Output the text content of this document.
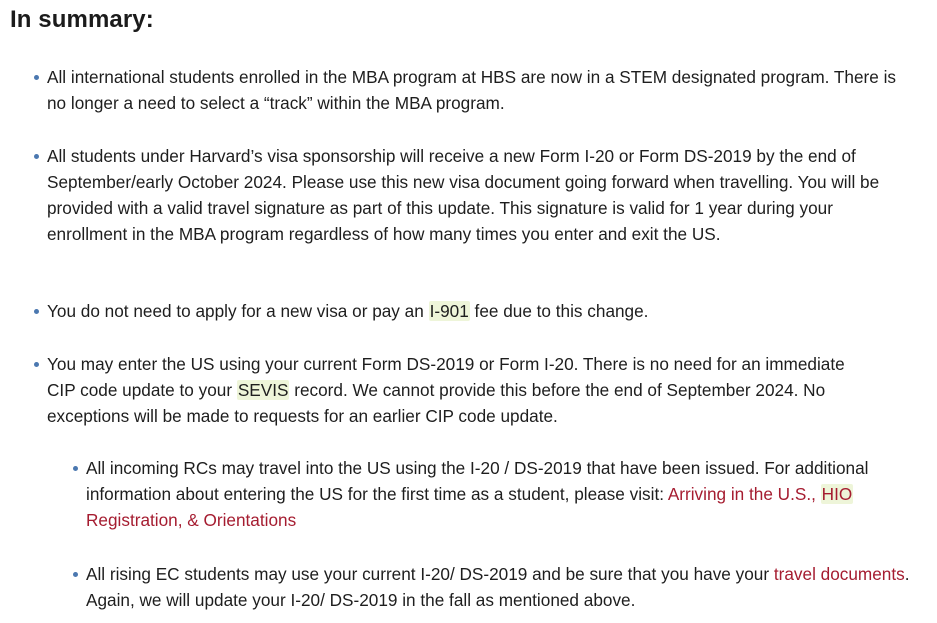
In summary:
All international students enrolled in the MBA program at HBS are now in a STEM designated program. There is no longer a need to select a “track” within the MBA program.
All students under Harvard’s visa sponsorship will receive a new Form I-20 or Form DS-2019 by the end of September/early October 2024. Please use this new visa document going forward when travelling. You will be provided with a valid travel signature as part of this update. This signature is valid for 1 year during your enrollment in the MBA program regardless of how many times you enter and exit the US.
You do not need to apply for a new visa or pay an I-901 fee due to this change.
You may enter the US using your current Form DS-2019 or Form I-20. There is no need for an immediate CIP code update to your SEVIS record. We cannot provide this before the end of September 2024. No exceptions will be made to requests for an earlier CIP code update.
All incoming RCs may travel into the US using the I-20 / DS-2019 that have been issued. For additional information about entering the US for the first time as a student, please visit: Arriving in the U.S., HIO Registration, & Orientations
All rising EC students may use your current I-20/ DS-2019 and be sure that you have your travel documents. Again, we will update your I-20/ DS-2019 in the fall as mentioned above.
